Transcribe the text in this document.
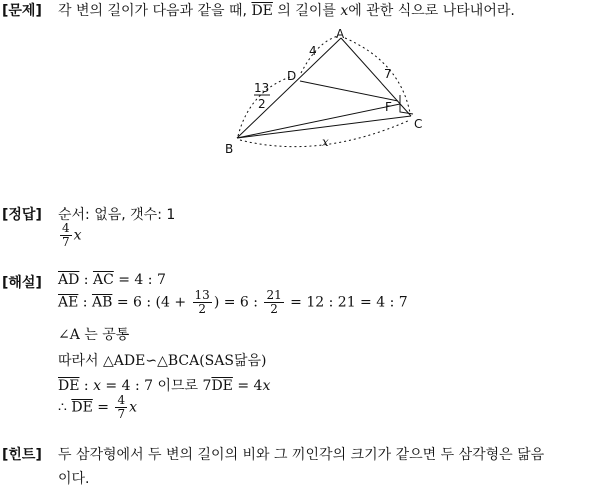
[문제] 각 변의 길이가 다음과 같을 때, $\overline{DE}$ 의 길이를 x에 관한 식으로 나타내어라.
A
B
C
D
F
4
7
13
2
x
[정답] 순서: 없음, 갯수: 1
$\frac{4}{7}$ x
[해설] $\overline{AD}$ : $\overline{AC} = 4$ : 7
$\overline{AE}$ : $\overline{AB} = 6$ : ($4 + \frac{13}{2}$ ) = 6 : $\frac{21}{2} = 12$ : 21 = 4 : 7
∠A 는 공통
따라서 △ADE∽△BCA(SAS닮음)
$\overline{DE}$ : x = 4 : 7 이므로 $7\overline{DE} = 4x$
∴ $\overline{DE} = \frac{4}{7}$ x
[힌트] 두 삼각형에서 두 변의 길이의 비와 그 끼인각의 크기가 같으면 두 삼각형은 닮음
이다.
